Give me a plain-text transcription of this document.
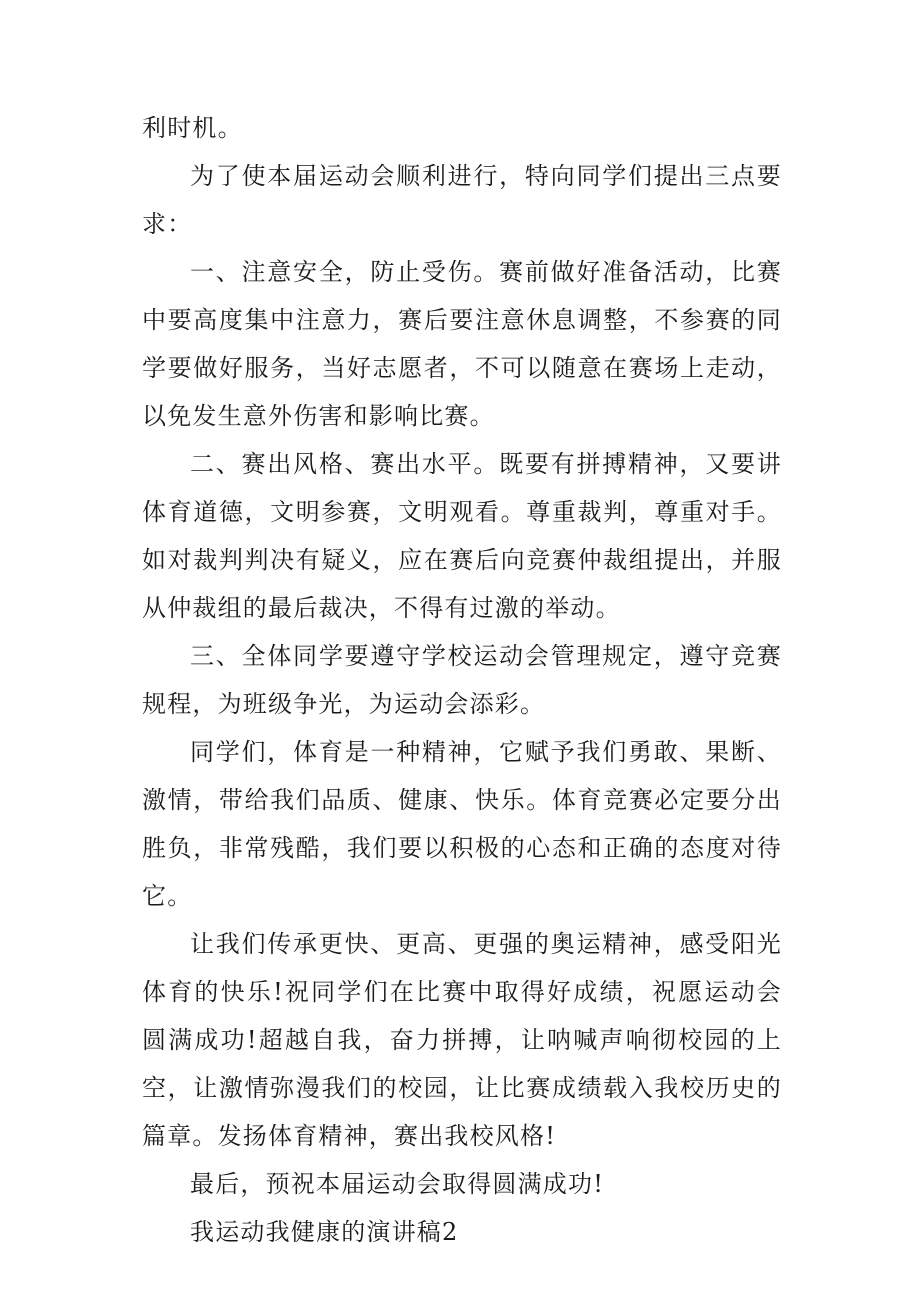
利时机。

为了使本届运动会顺利进行，特向同学们提出三点要求：

一、注意安全，防止受伤。赛前做好准备活动，比赛中要高度集中注意力，赛后要注意休息调整，不参赛的同学要做好服务，当好志愿者，不可以随意在赛场上走动，以免发生意外伤害和影响比赛。

二、赛出风格、赛出水平。既要有拼搏精神，又要讲体育道德，文明参赛，文明观看。尊重裁判，尊重对手。如对裁判判决有疑义，应在赛后向竞赛仲裁组提出，并服从仲裁组的最后裁决，不得有过激的举动。

三、全体同学要遵守学校运动会管理规定，遵守竞赛规程，为班级争光，为运动会添彩。

同学们，体育是一种精神，它赋予我们勇敢、果断、激情，带给我们品质、健康、快乐。体育竞赛必定要分出胜负，非常残酷，我们要以积极的心态和正确的态度对待它。

让我们传承更快、更高、更强的奥运精神，感受阳光体育的快乐!祝同学们在比赛中取得好成绩，祝愿运动会圆满成功!超越自我，奋力拼搏，让呐喊声响彻校园的上空，让激情弥漫我们的校园，让比赛成绩载入我校历史的篇章。发扬体育精神，赛出我校风格!

最后，预祝本届运动会取得圆满成功!

我运动我健康的演讲稿2
